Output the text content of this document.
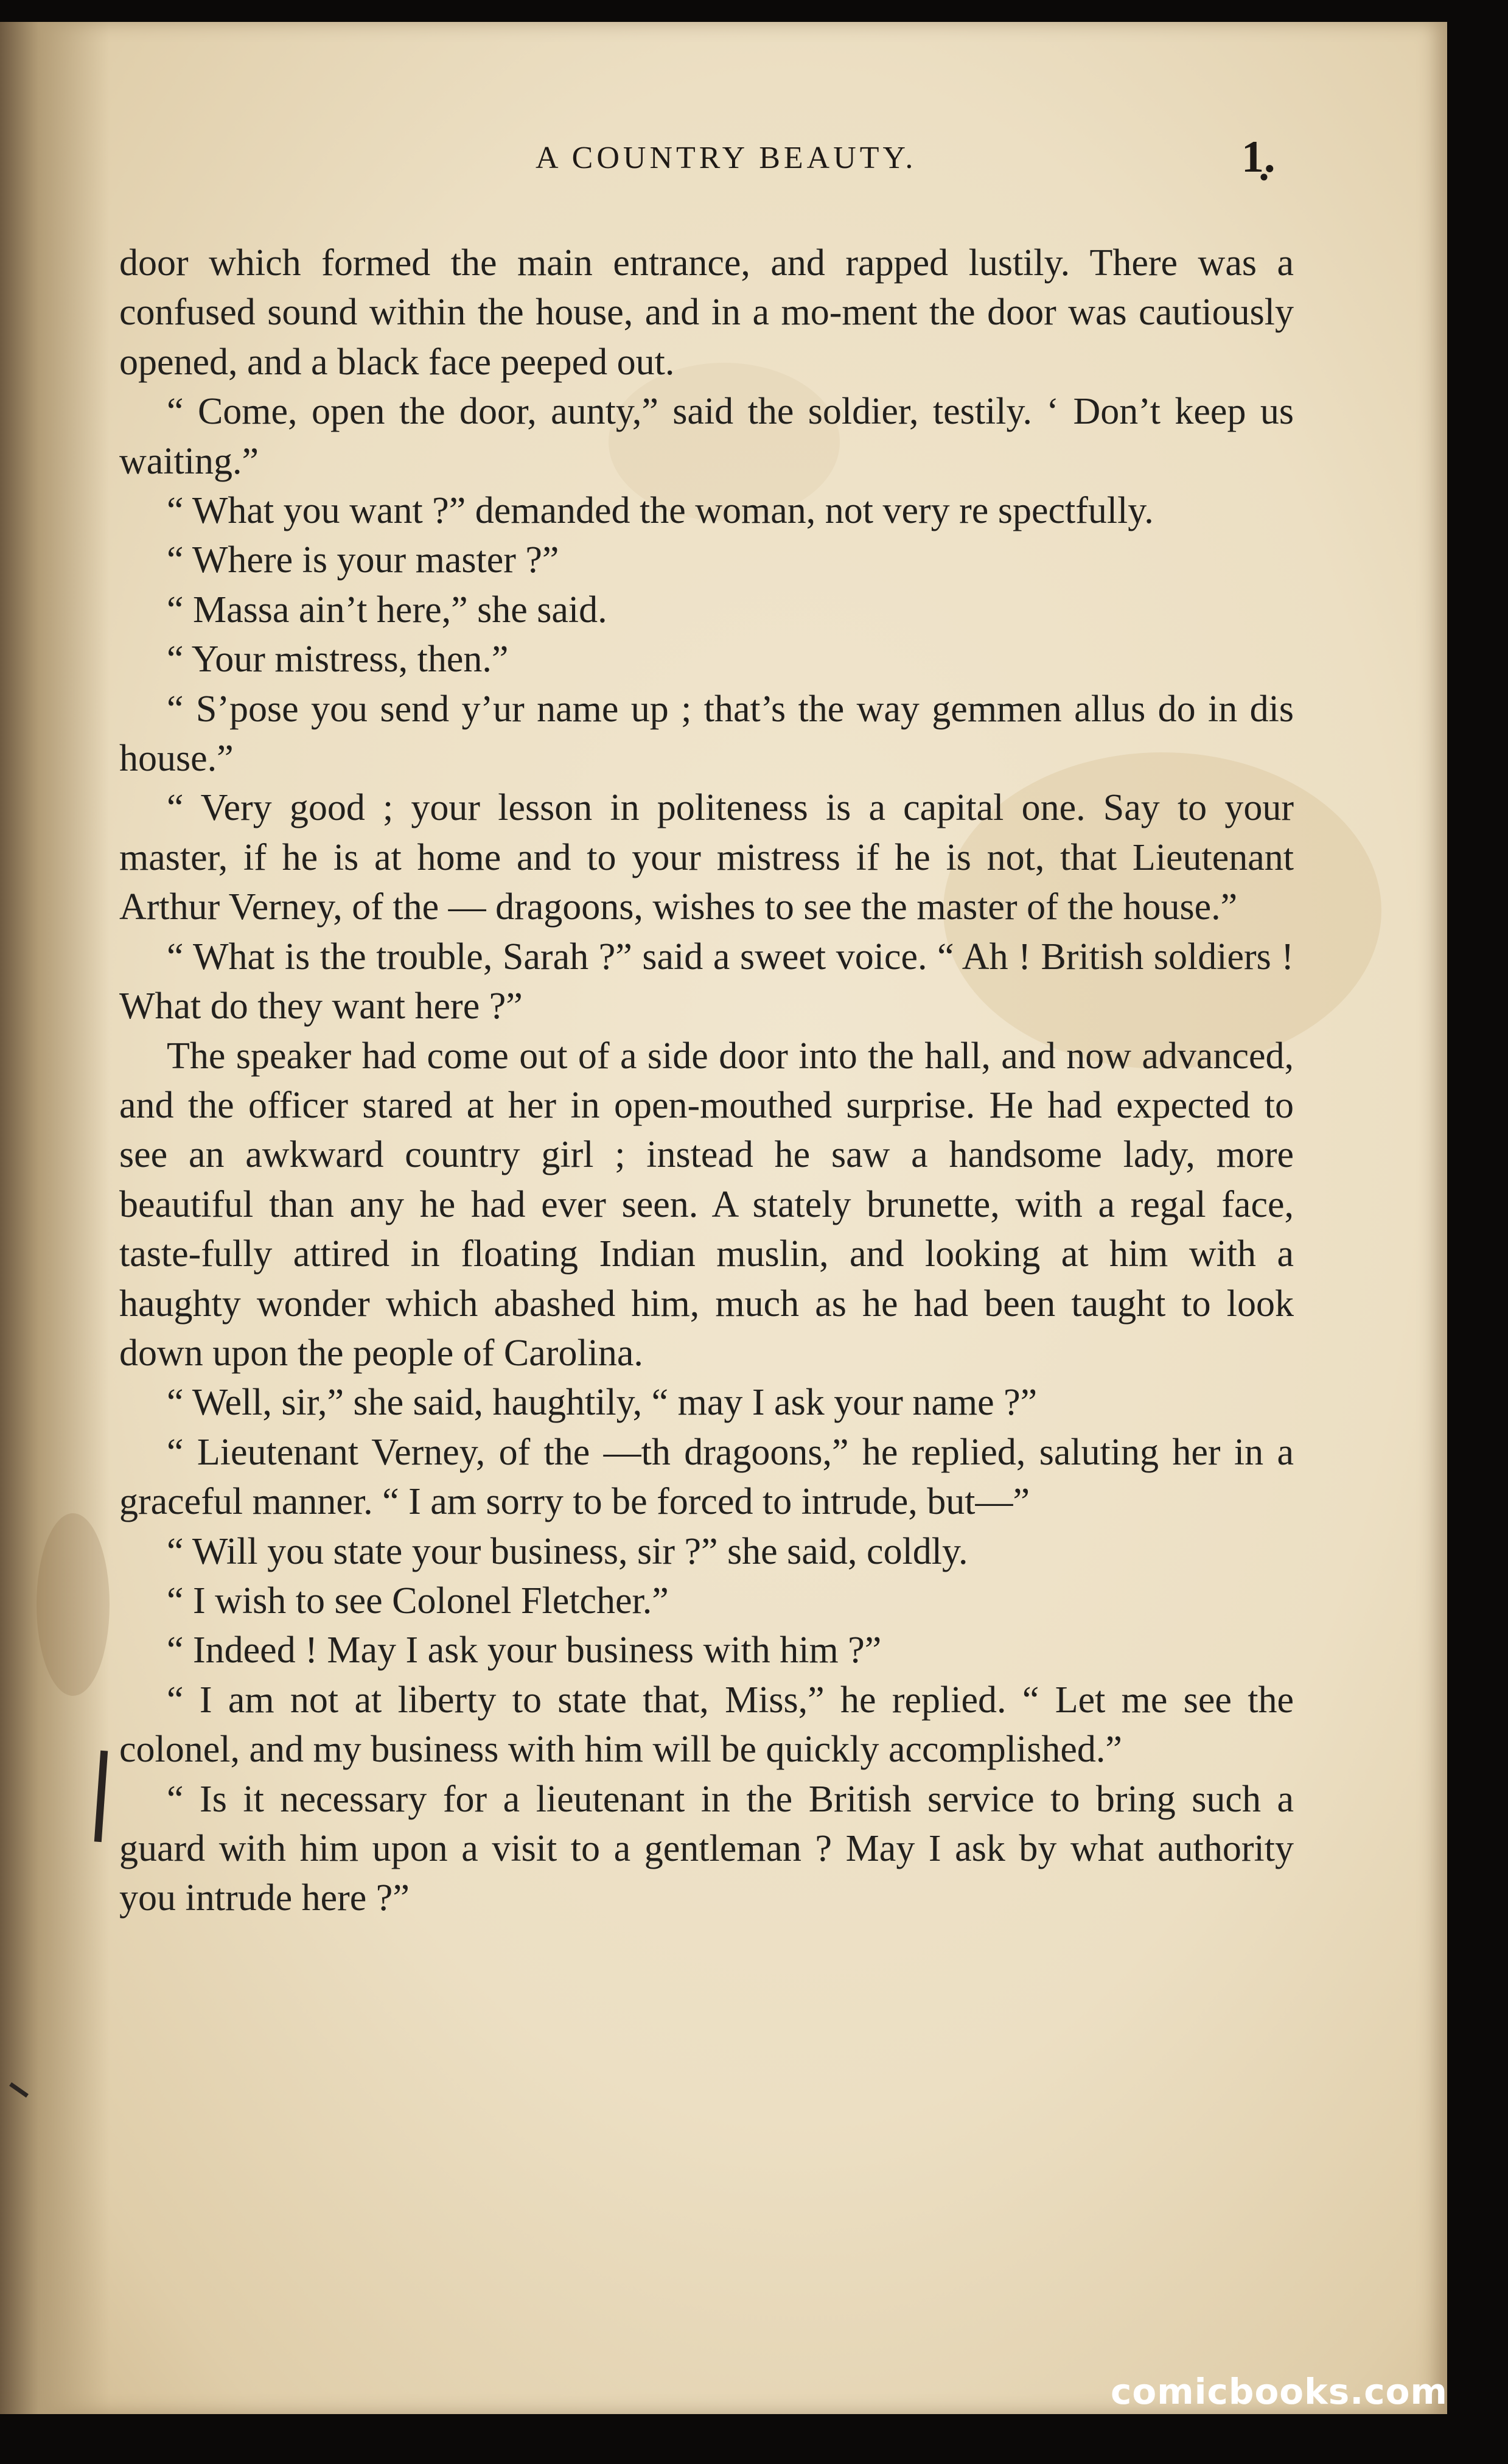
A COUNTRY BEAUTY.	1̣.

door which formed the main entrance, and rapped lustily. There was a confused sound within the house, and in a mo-ment the door was cautiously opened, and a black face peeped out.

“ Come, open the door, aunty,” said the soldier, testily. ‘ Don’t keep us waiting.”

“ What you want ?” demanded the woman, not very re spectfully.

“ Where is your master ?”

“ Massa ain’t here,” she said.

“ Your mistress, then.”

“ S’pose you send y’ur name up ; that’s the way gemmen allus do in dis house.”

“ Very good ; your lesson in politeness is a capital one. Say to your master, if he is at home and to your mistress if he is not, that Lieutenant Arthur Verney, of the — dragoons, wishes to see the master of the house.”

“ What is the trouble, Sarah ?” said a sweet voice. “ Ah ! British soldiers ! What do they want here ?”

The speaker had come out of a side door into the hall, and now advanced, and the officer stared at her in open-mouthed surprise. He had expected to see an awkward country girl ; instead he saw a handsome lady, more beautiful than any he had ever seen. A stately brunette, with a regal face, taste-fully attired in floating Indian muslin, and looking at him with a haughty wonder which abashed him, much as he had been taught to look down upon the people of Carolina.

“ Well, sir,” she said, haughtily, “ may I ask your name ?”

“ Lieutenant Verney, of the —th dragoons,” he replied, saluting her in a graceful manner. “ I am sorry to be forced to intrude, but—”

“ Will you state your business, sir ?” she said, coldly.

“ I wish to see Colonel Fletcher.”

“ Indeed ! May I ask your business with him ?”

“ I am not at liberty to state that, Miss,” he replied. “ Let me see the colonel, and my business with him will be quickly accomplished.”

“ Is it necessary for a lieutenant in the British service to bring such a guard with him upon a visit to a gentleman ? May I ask by what authority you intrude here ?”

comicbooks.com
